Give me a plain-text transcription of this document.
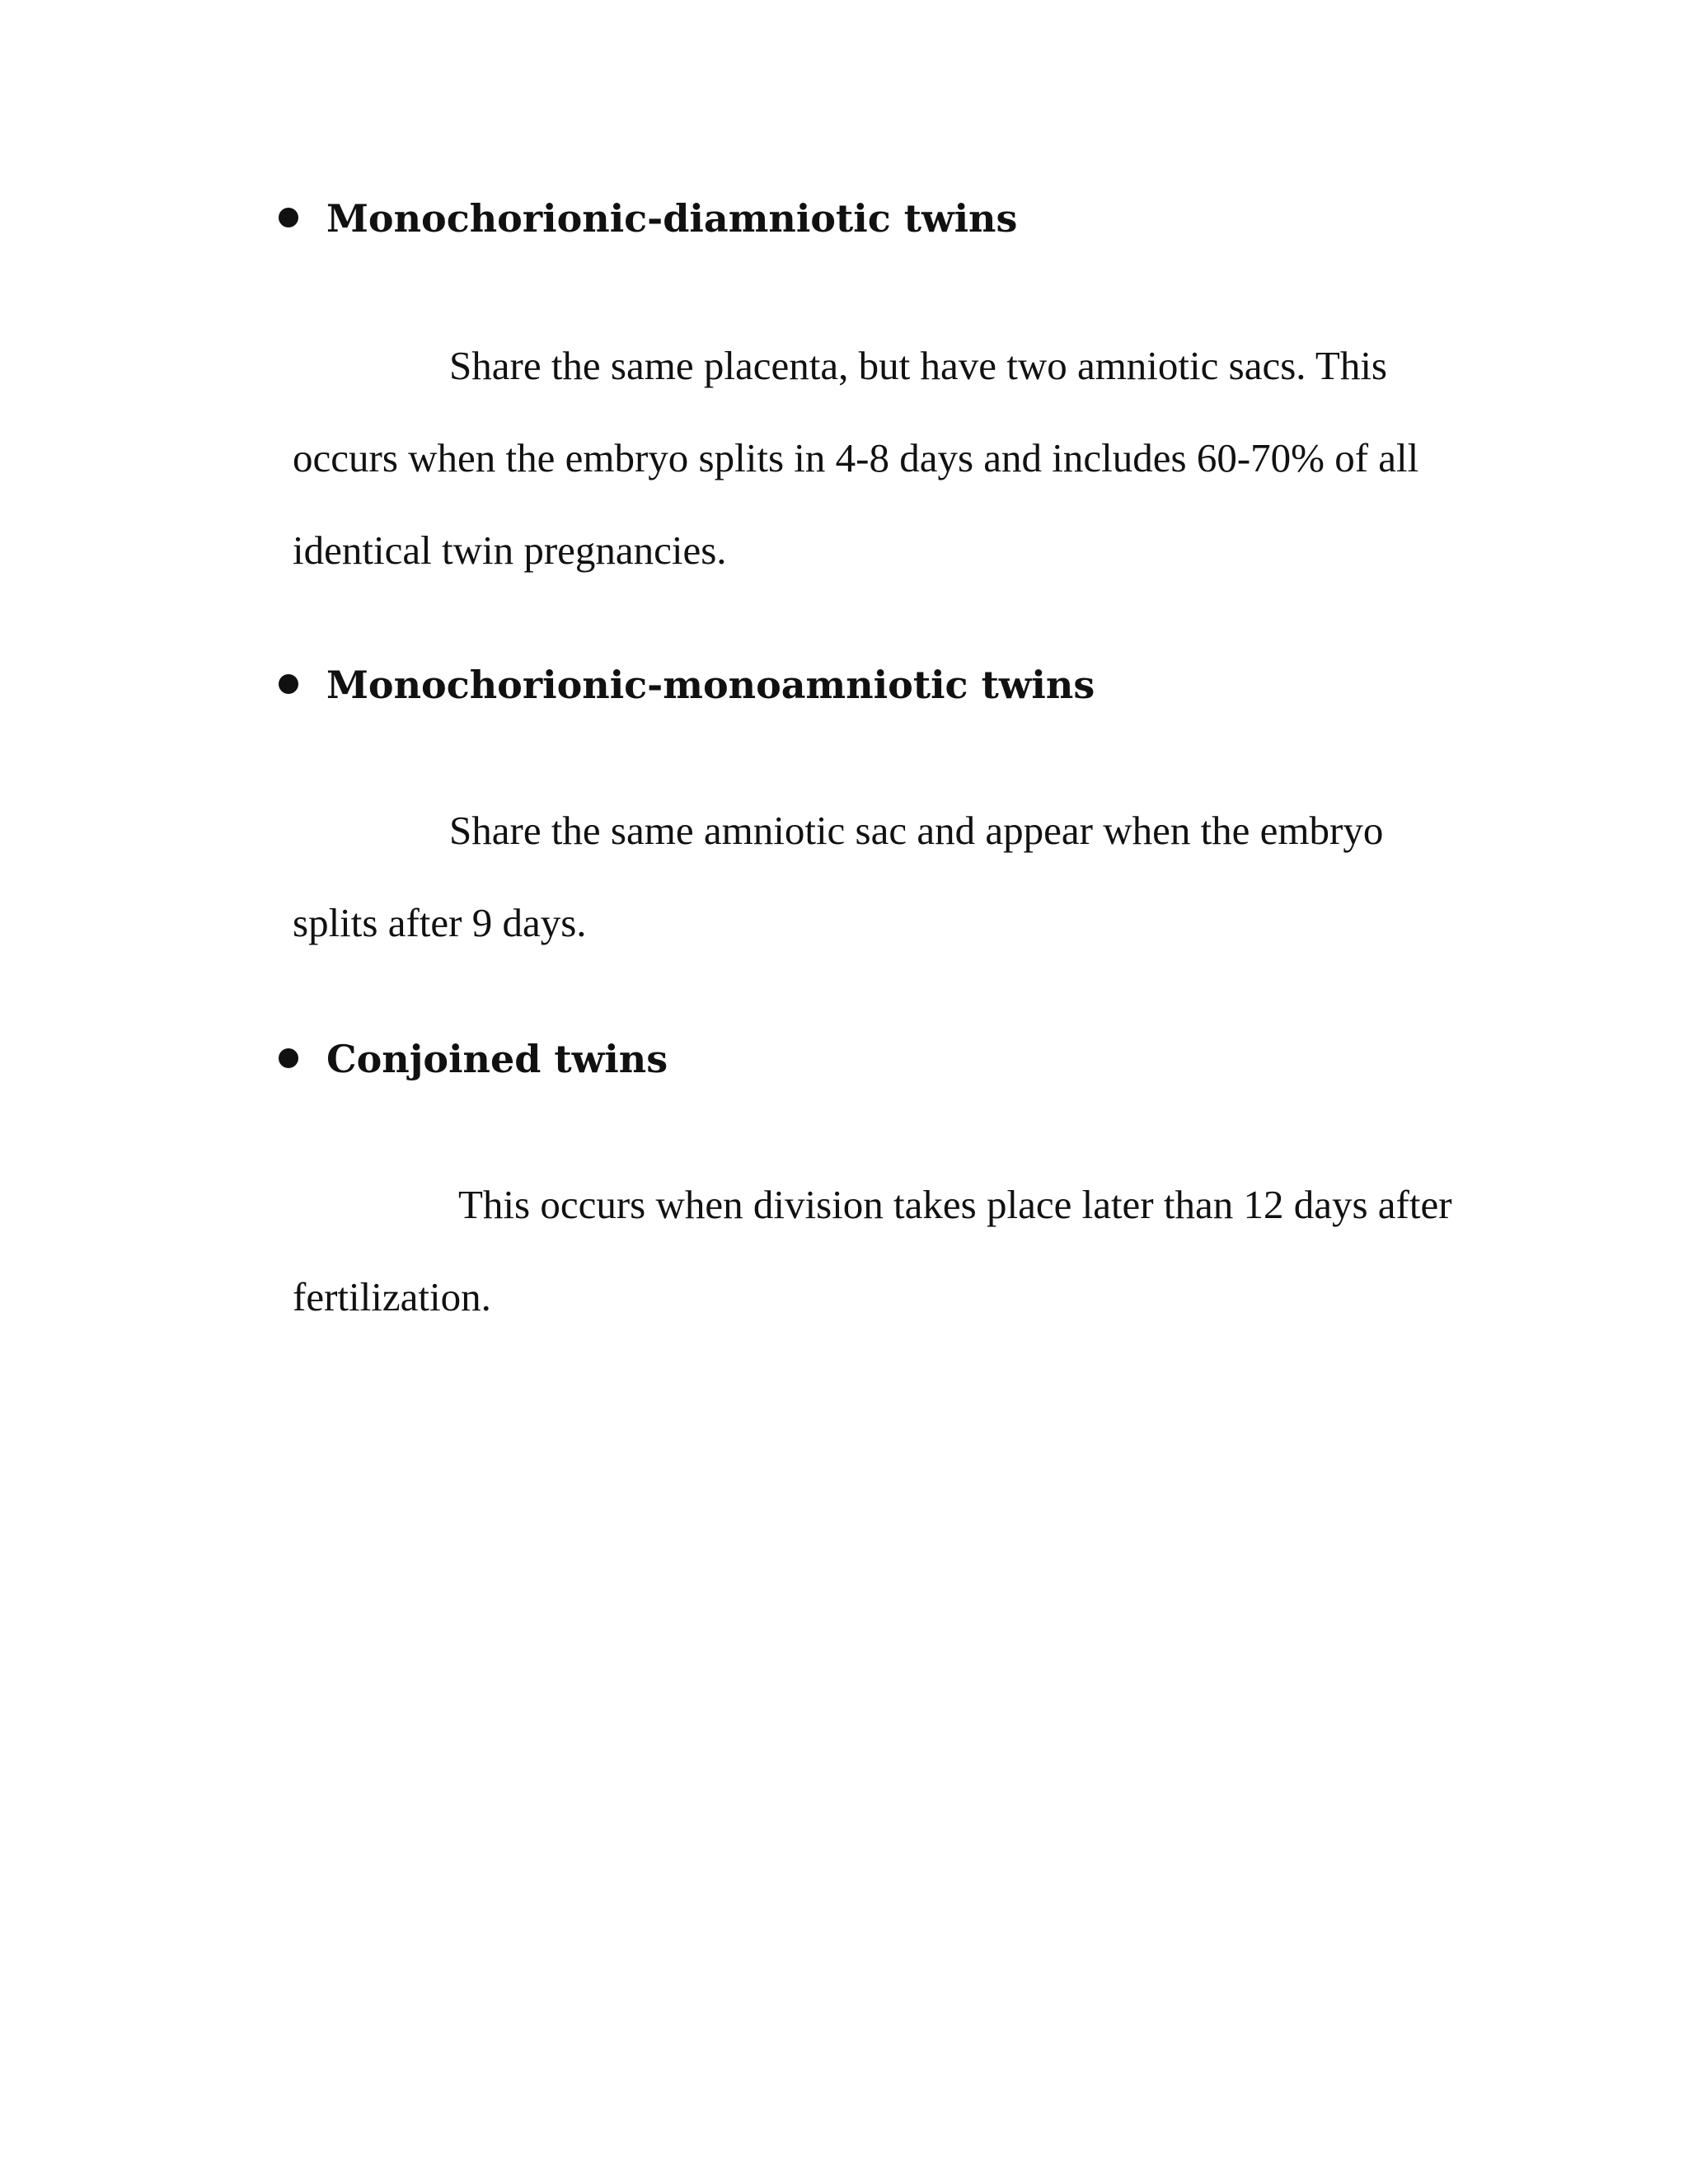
Monochorionic-diamniotic twins

Share the same placenta, but have two amniotic sacs. This occurs when the embryo splits in 4-8 days and includes 60-70% of all identical twin pregnancies.

Monochorionic-monoamniotic twins

Share the same amniotic sac and appear when the embryo splits after 9 days.

Conjoined twins

This occurs when division takes place later than 12 days after fertilization.
